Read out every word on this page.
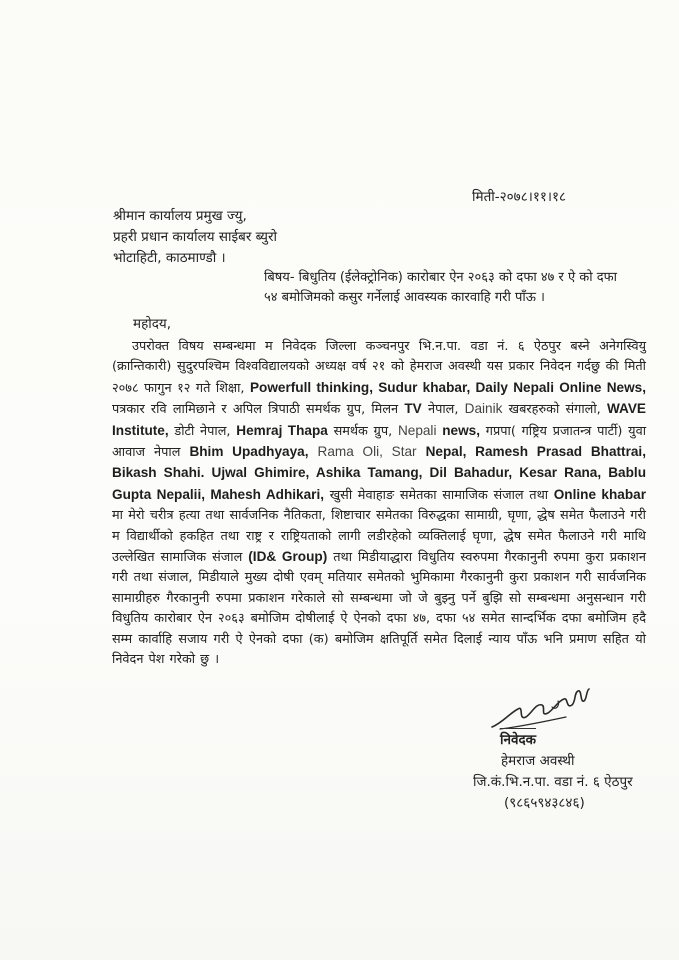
मिती-२०७८।११।१८
श्रीमान कार्यालय प्रमुख ज्यु,
प्रहरी प्रधान कार्यालय साईबर ब्युरो
भोटाहिटी, काठमाण्डौ ।
बिषय- बिधुतिय (ईलेक्ट्रोनिक) कारोबार ऐन २०६३ को दफा ४७ र ऐ को दफा
५४ बमोजिमको कसुर गर्नेलाई आवस्यक कारवाहि गरी पाँऊ ।
महोदय,
उपरोक्त विषय सम्बन्धमा म निवेदक जिल्ला कञ्चनपुर भि.न.पा. वडा नं. ६ ऐठपुर बस्ने अनेगस्वियु (क्रान्तिकारी) सुदुरपश्चिम विश्वविद्यालयको अध्यक्ष वर्ष २१ को हेमराज अवस्थी यस प्रकार निवेदन गर्दछु की मिती २०७८ फागुन १२ गते शिक्षा, Powerfull thinking, Sudur khabar, Daily Nepali Online News, पत्रकार रवि लामिछाने र अपिल त्रिपाठी समर्थक ग्रुप, मिलन TV नेपाल, Dainik खबरहरुको संगालो, WAVE Institute, डोटी नेपाल, Hemraj Thapa समर्थक ग्रुप, Nepali news, गप्रपा( गष्ट्रिय प्रजातन्त्र पार्टी) युवा आवाज नेपाल Bhim Upadhyaya, Rama Oli, Star Nepal, Ramesh Prasad Bhattrai, Bikash Shahi. Ujwal Ghimire, Ashika Tamang, Dil Bahadur, Kesar Rana, Bablu Gupta Nepalii, Mahesh Adhikari, खुसी मेवाहाङ समेतका सामाजिक संजाल तथा Online khabar मा मेरो चरीत्र हत्या तथा सार्वजनिक नैतिकता, शिष्टाचार समेतका विरुद्धका सामाग्री, घृणा, द्धेष समेत फैलाउने गरी म विद्यार्थीको हकहित तथा राष्ट्र र राष्ट्रियताको लागी लडीरहेको व्यक्तिलाई घृणा, द्धेष समेत फैलाउने गरी माथि उल्लेखित सामाजिक संजाल (ID& Group) तथा मिडीयाद्धारा विधुतिय स्वरुपमा गैरकानुनी रुपमा कुरा प्रकाशन गरी तथा संजाल, मिडीयाले मुख्य दोषी एवम् मतियार समेतको भुमिकामा गैरकानुनी कुरा प्रकाशन गरी सार्वजनिक सामाग्रीहरु गैरकानुनी रुपमा प्रकाशन गरेकाले सो सम्बन्धमा जो जे बुझ्नु पर्ने बुझि सो सम्बन्धमा अनुसन्धान गरी विधुतिय कारोबार ऐन २०६३ बमोजिम दोषीलाई ऐ ऐनको दफा ४७, दफा ५४ समेत सान्दर्भिक दफा बमोजिम हदै सम्म कार्वाहि सजाय गरी ऐ ऐनको दफा (क) बमोजिम क्षतिपूर्ति समेत दिलाई न्याय पाँऊ भनि प्रमाण सहित यो निवेदन पेश गरेको छु ।
निवेदक
हेमराज अवस्थी
जि.कं.भि.न.पा. वडा नं. ६ ऐठपुर
(९८६५९४३८४६)
